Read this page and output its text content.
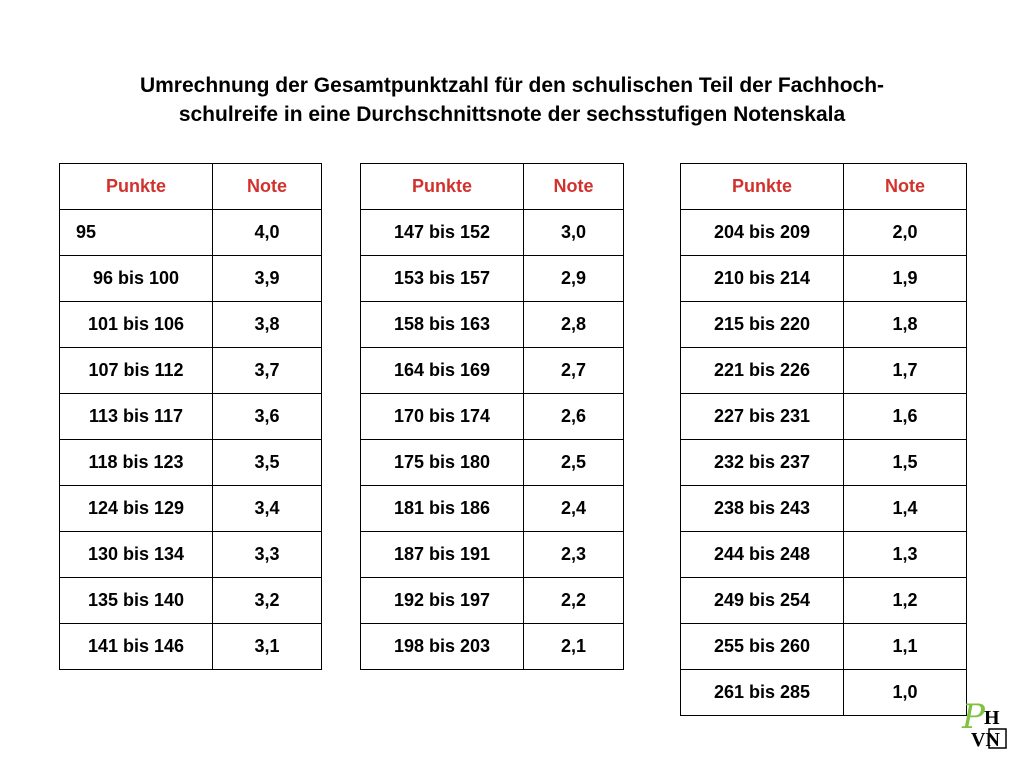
Umrechnung der Gesamtpunktzahl für den schulischen Teil der Fachhoch-
schulreife in eine Durchschnittsnote der sechsstufigen Notenskala
Punkte	Note
95	4,0
96 bis 100	3,9
101 bis 106	3,8
107 bis 112	3,7
113 bis 117	3,6
118 bis 123	3,5
124 bis 129	3,4
130 bis 134	3,3
135 bis 140	3,2
141 bis 146	3,1
Punkte	Note
147 bis 152	3,0
153 bis 157	2,9
158 bis 163	2,8
164 bis 169	2,7
170 bis 174	2,6
175 bis 180	2,5
181 bis 186	2,4
187 bis 191	2,3
192 bis 197	2,2
198 bis 203	2,1
Punkte	Note
204 bis 209	2,0
210 bis 214	1,9
215 bis 220	1,8
221 bis 226	1,7
227 bis 231	1,6
232 bis 237	1,5
238 bis 243	1,4
244 bis 248	1,3
249 bis 254	1,2
255 bis 260	1,1
261 bis 285	1,0
P H
VN
